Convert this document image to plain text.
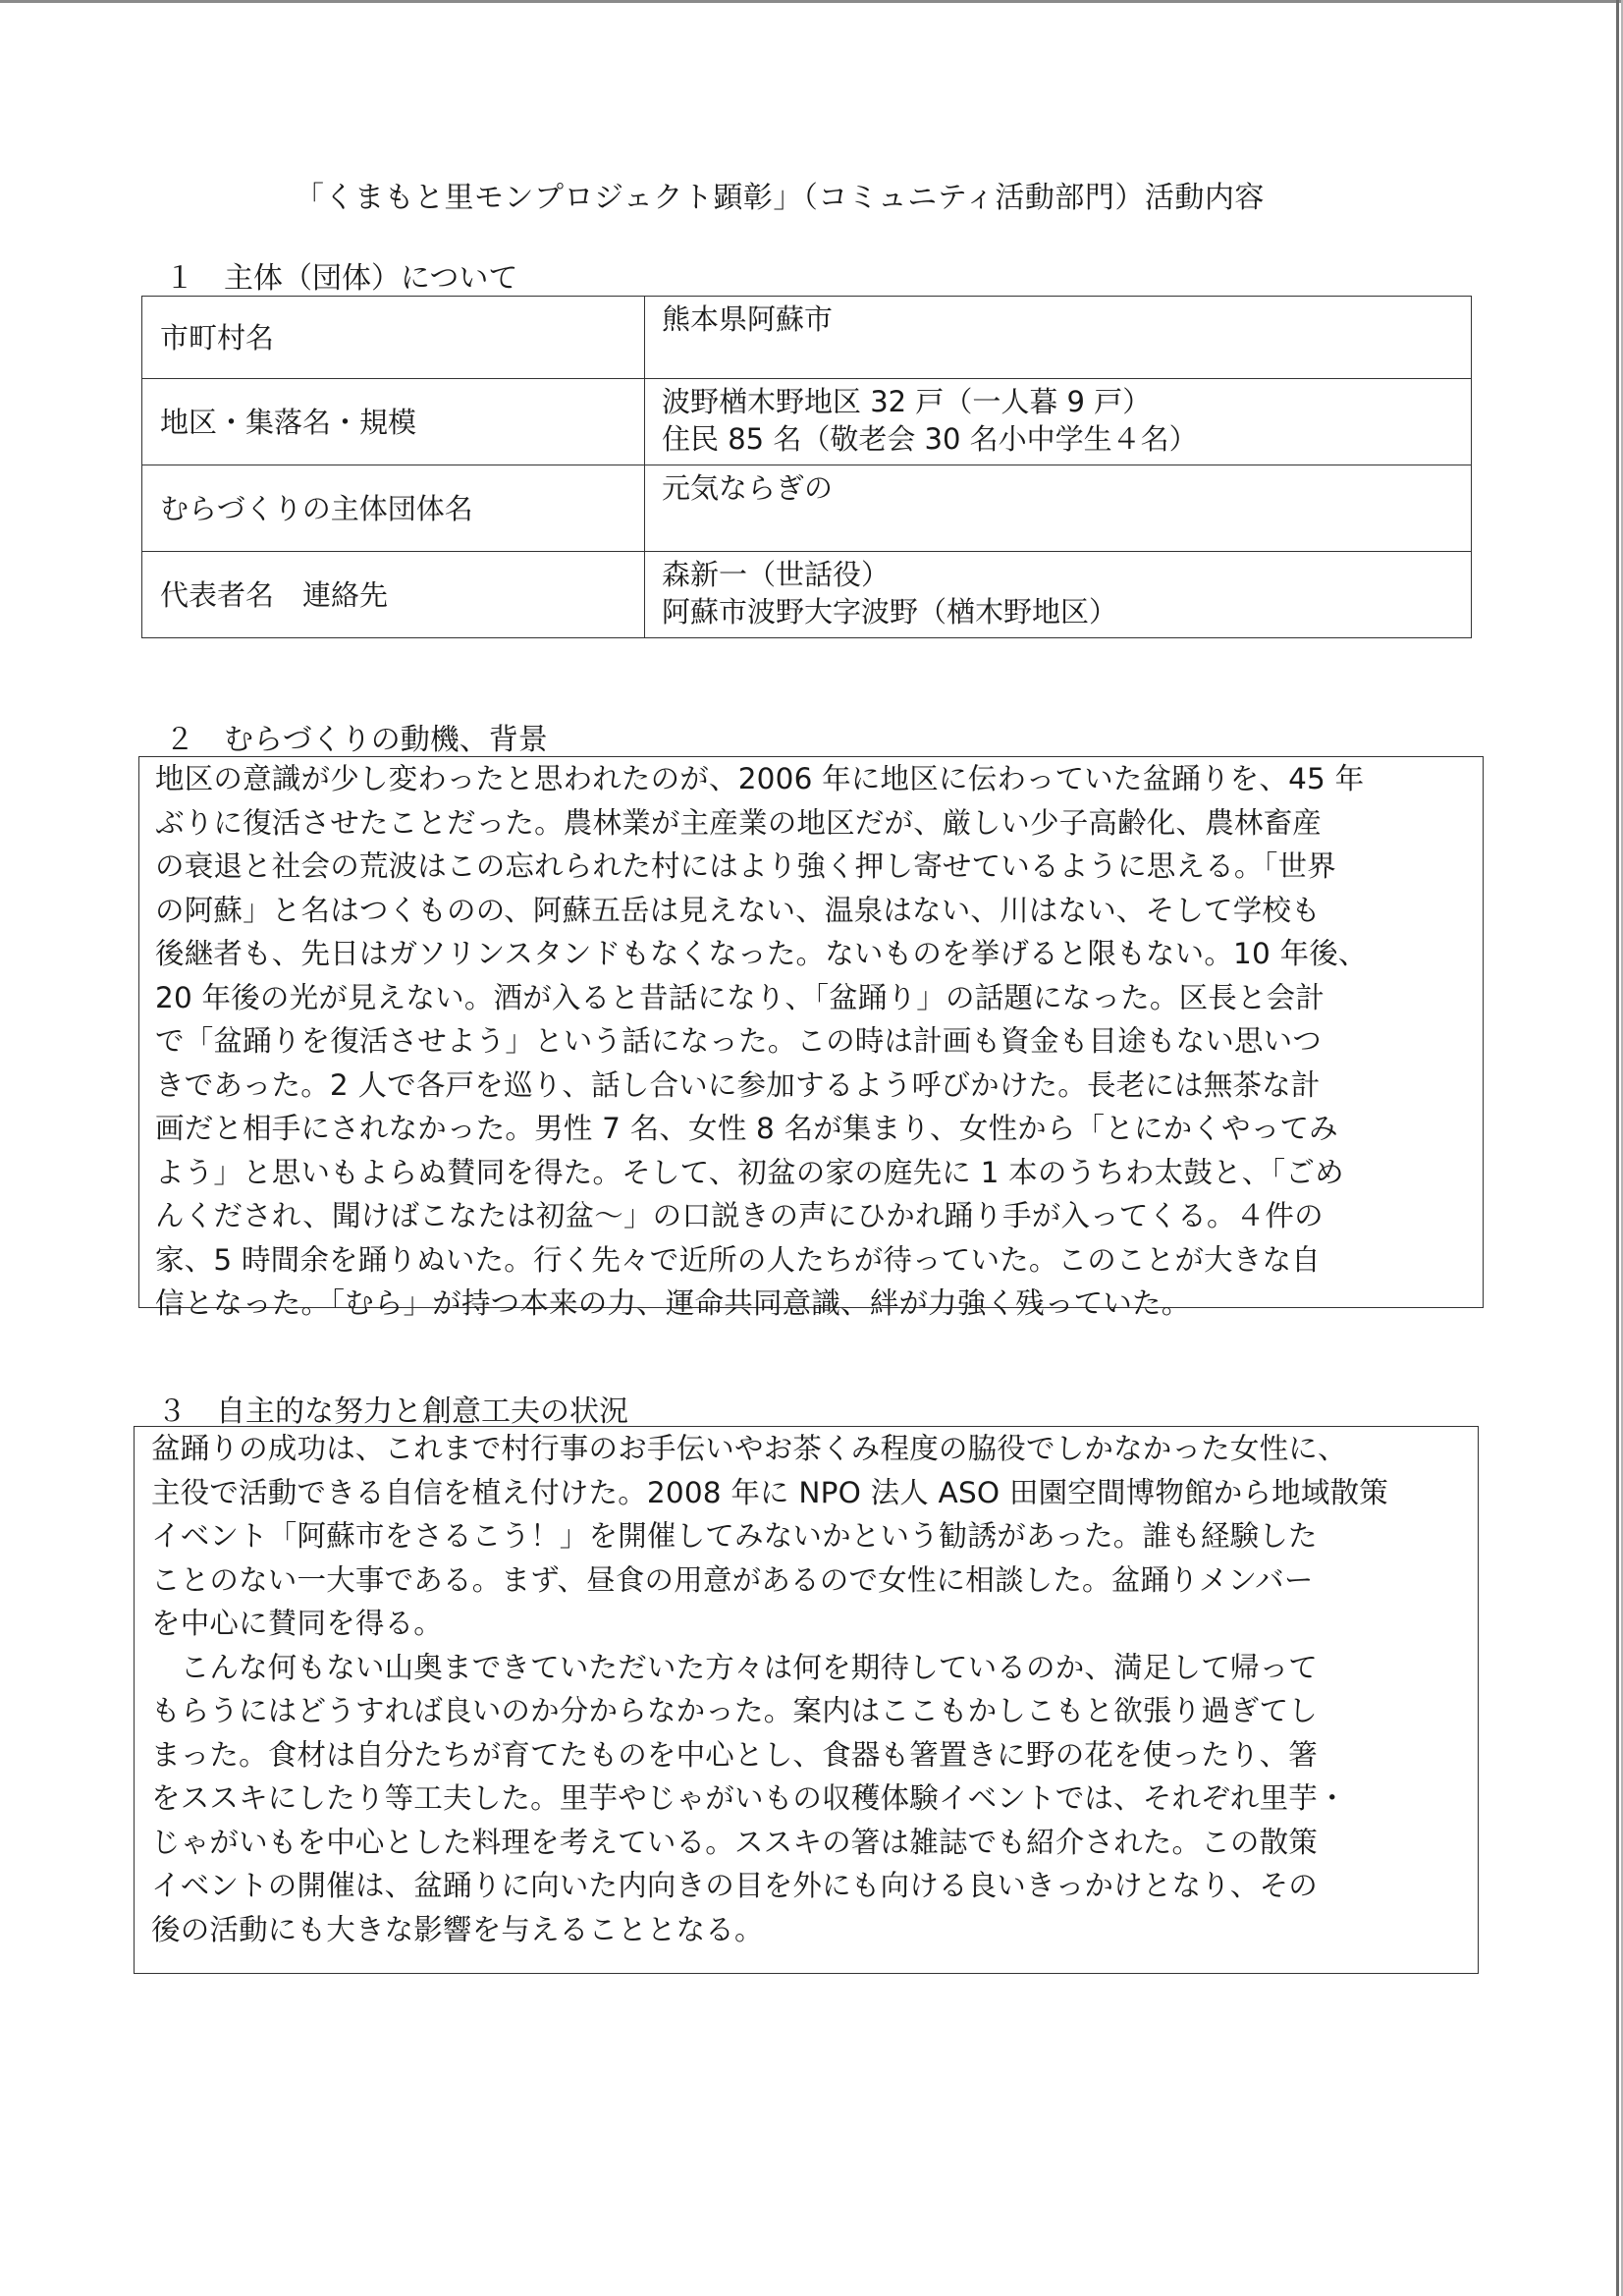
「くまもと里モンプロジェクト顕彰」（コミュニティ活動部門）活動内容
１　主体（団体）について
市町村名	熊本県阿蘇市

地区・集落名・規模	波野楢木野地区 32 戸（一人暮 9 戸）
住民 85 名（敬老会 30 名小中学生４名）

むらづくりの主体団体名	元気ならぎの

代表者名　連絡先	森新一（世話役）
阿蘇市波野大字波野（楢木野地区）
２　むらづくりの動機、背景
地区の意識が少し変わったと思われたのが、2006 年に地区に伝わっていた盆踊りを、45 年
ぶりに復活させたことだった。農林業が主産業の地区だが、厳しい少子高齢化、農林畜産
の衰退と社会の荒波はこの忘れられた村にはより強く押し寄せているように思える。「世界
の阿蘇」と名はつくものの、阿蘇五岳は見えない、温泉はない、川はない、そして学校も
後継者も、先日はガソリンスタンドもなくなった。ないものを挙げると限もない。10 年後、
20 年後の光が見えない。酒が入ると昔話になり、「盆踊り」の話題になった。区長と会計
で「盆踊りを復活させよう」という話になった。この時は計画も資金も目途もない思いつ
きであった。2 人で各戸を巡り、話し合いに参加するよう呼びかけた。長老には無茶な計
画だと相手にされなかった。男性 7 名、女性 8 名が集まり、女性から「とにかくやってみ
よう」と思いもよらぬ賛同を得た。そして、初盆の家の庭先に 1 本のうちわ太鼓と、「ごめ
んくだされ、聞けばこなたは初盆～」の口説きの声にひかれ踊り手が入ってくる。４件の
家、5 時間余を踊りぬいた。行く先々で近所の人たちが待っていた。このことが大きな自
信となった。「むら」が持つ本来の力、運命共同意識、絆が力強く残っていた。
３　自主的な努力と創意工夫の状況
盆踊りの成功は、これまで村行事のお手伝いやお茶くみ程度の脇役でしかなかった女性に、
主役で活動できる自信を植え付けた。2008 年に NPO 法人 ASO 田園空間博物館から地域散策
イベント「阿蘇市をさるこう！」を開催してみないかという勧誘があった。誰も経験した
ことのない一大事である。まず、昼食の用意があるので女性に相談した。盆踊りメンバー
を中心に賛同を得る。
　こんな何もない山奥まできていただいた方々は何を期待しているのか、満足して帰って
もらうにはどうすれば良いのか分からなかった。案内はここもかしこもと欲張り過ぎてし
まった。食材は自分たちが育てたものを中心とし、食器も箸置きに野の花を使ったり、箸
をススキにしたり等工夫した。里芋やじゃがいもの収穫体験イベントでは、それぞれ里芋・
じゃがいもを中心とした料理を考えている。ススキの箸は雑誌でも紹介された。この散策
イベントの開催は、盆踊りに向いた内向きの目を外にも向ける良いきっかけとなり、その
後の活動にも大きな影響を与えることとなる。
